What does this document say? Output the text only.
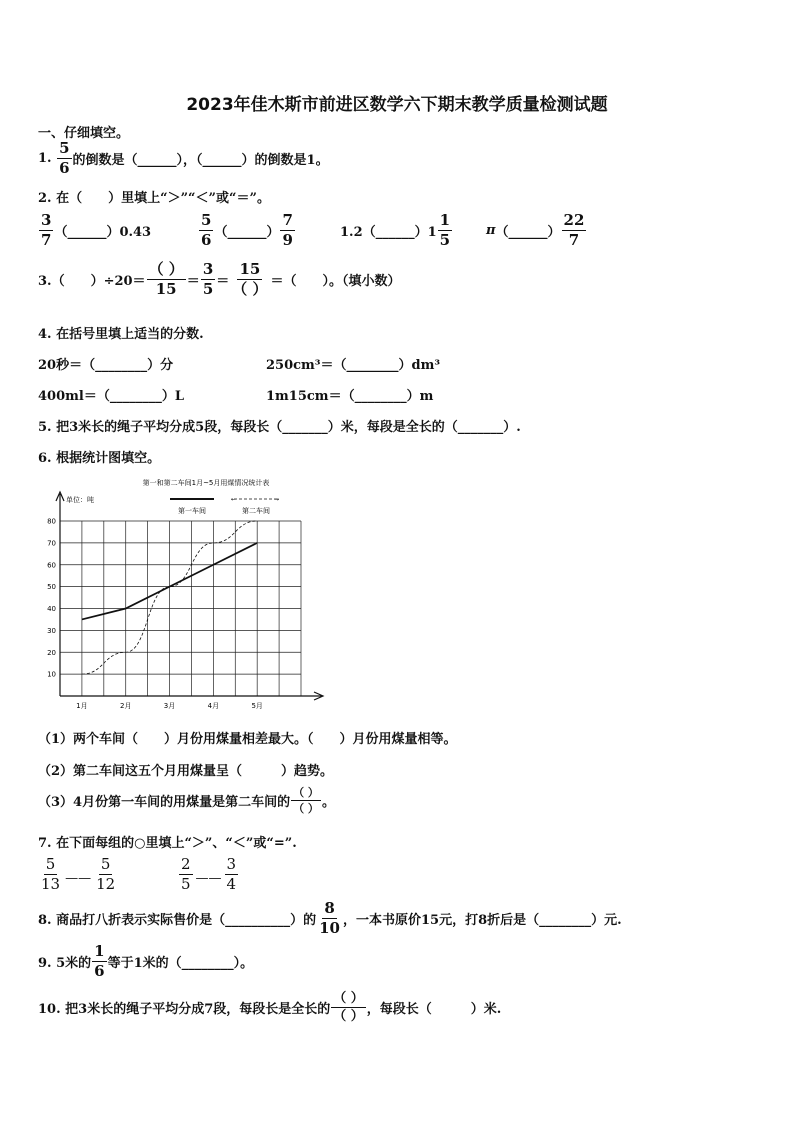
2023年佳木斯市前进区数学六下期末教学质量检测试题
一、仔细填空。
1.
$\frac{5}{6}$ 的倒数是（______），（______）的倒数是1。
2. 在（　　）里填上“＞”“＜”或“＝”。
$\frac{3}{7}$ （______）0.43	$\frac{5}{6}$ （______） $\frac{7}{9}$	1.2（______）1 $\frac{1}{5}$	π （______） $\frac{22}{7}$
3.（　　）$\div 20= \frac{( )}{15} = \frac{3}{5} = \frac{15}{( )}$ ＝（　　）。（填小数）
4. 在括号里填上适当的分数.
20秒＝（________）分	250cm³＝（________）dm³
400ml＝（________）L	1m15cm＝（________）m
5. 把3米长的绳子平均分成5段，每段长（_______）米，每段是全长的（_______）.
6. 根据统计图填空。
第一和第二车间1月~5月用煤情况统计表
单位：吨
第一车间
←	→
第二车间
10
20
30
40
50
60
70
80
1月	2月	3月	4月	5月
（1）两个车间（　　）月份用煤量相差最大。（　　）月份用煤量相等。
（2）第二车间这五个月用煤量呈（　　　）趋势。
（3）4月份第一车间的用煤量是第二车间的 $\frac{( )}{( )}$ 。
7. 在下面每组的○里填上“＞”、“＜”或“=”.
$\frac{5}{13}$ —— $\frac{5}{12}$	$\frac{2}{5}$ —— $\frac{3}{4}$
8. 商品打八折表示实际售价是（__________）的 $\frac{8}{10}$ ，一本书原价15元，打8折后是（________）元.
9. 5米的 $\frac{1}{6}$ 等于1米的（________）。
10. 把3米长的绳子平均分成7段，每段长是全长的 $\frac{( )}{( )}$ ，每段长（　　　）米.
